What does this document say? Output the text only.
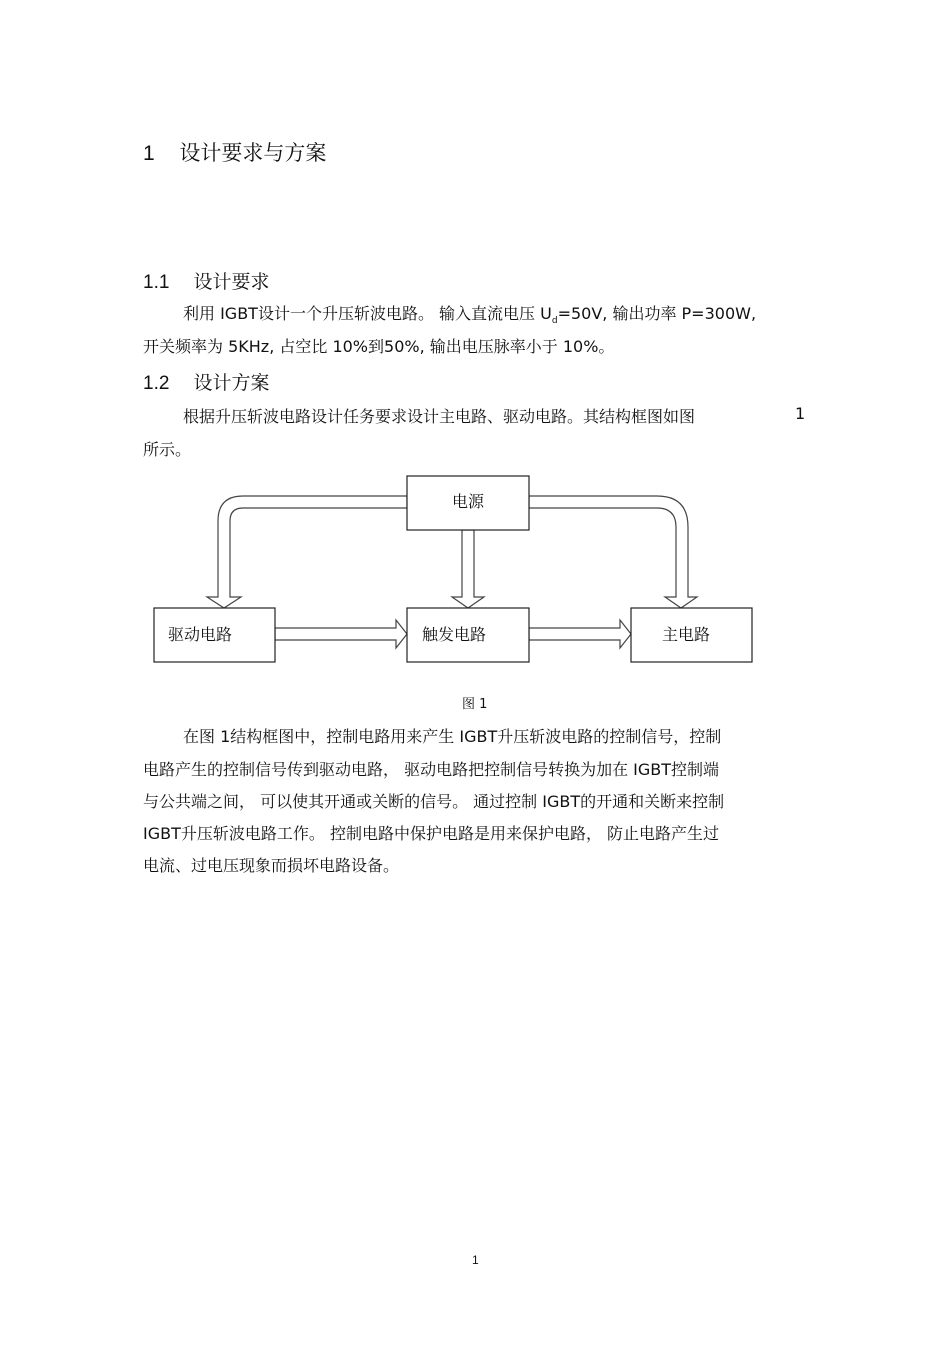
1 设计要求与方案
1.1 设计要求
利用 IGBT设计一个升压斩波电路。 输入直流电压 $U_d=50V$, 输出功率 P=300W,
开关频率为 5KHz, 占空比 10%到50%, 输出电压脉率小于 10%。
1.2 设计方案
根据升压斩波电路设计任务要求设计主电路、驱动电路。其结构框图如图	1
所示。
电源
驱动电路	触发电路	主电路
图 1
在图 1结构框图中，控制电路用来产生 IGBT升压斩波电路的控制信号，控制
电路产生的控制信号传到驱动电路， 驱动电路把控制信号转换为加在 IGBT控制端
与公共端之间， 可以使其开通或关断的信号。 通过控制 IGBT的开通和关断来控制
IGBT升压斩波电路工作。 控制电路中保护电路是用来保护电路， 防止电路产生过
电流、过电压现象而损坏电路设备。
1
